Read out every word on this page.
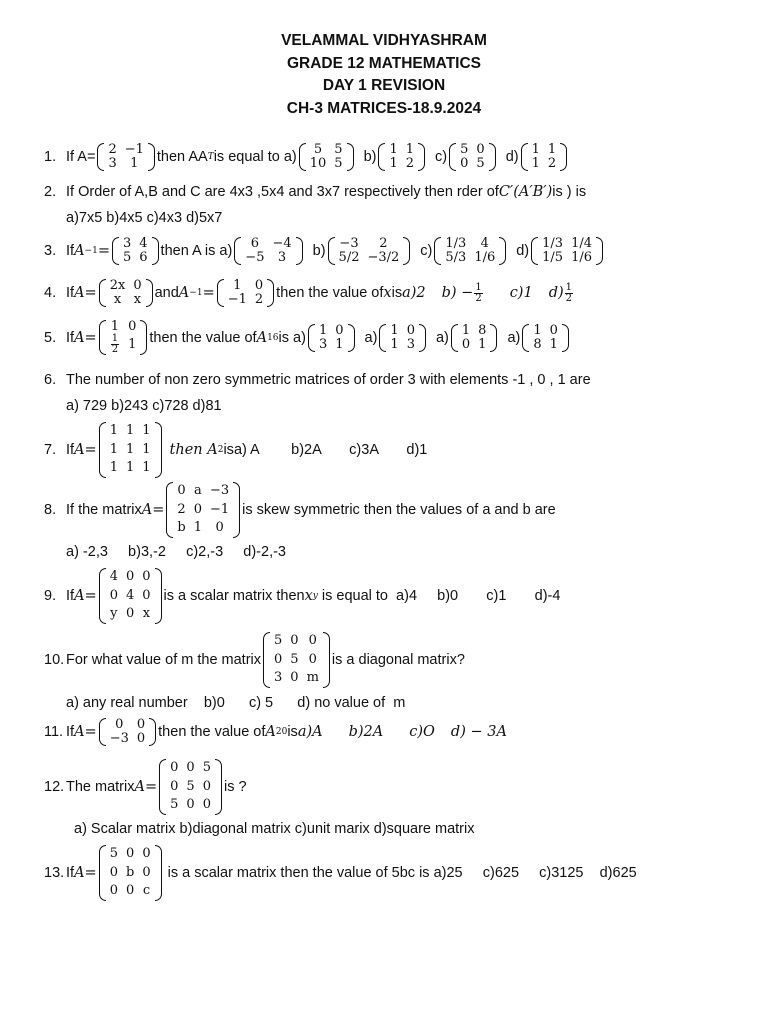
VELAMMAL VIDHYASHRAM
GRADE 12 MATHEMATICS
DAY 1 REVISION
CH-3 MATRICES-18.9.2024
1. If A= 2	−1
3	1 then AA T is equal to a) 5	5
10	5 b) 1	1
1	2 c) 5	0
0	5 d) 1	1
1	2
2. If Order of A,B and C are 4x3 ,5x4 and 3x7 respectively then rder of C′(A′B′) is ) is
a)7x5 b)4x5 c)4x3 d)5x7
3. If A −1 = 3	4
5	6 then A is a) 6	−4
−5	3 b) −3	2
5/2	−3/2 c) 1/3	4
5/3	1/6 d) 1/3	1/4
1/5	1/6
4. If A = 2x	0
x	x and A −1 = 1	0
−1	2 then the value of x is a)2 $b) - \frac{1}{2} c)1$ $d) \frac{1}{2}$
5. If A =
1	0

$\frac{1}{2}$	1 then the value of A 16 is a) 1	0
3	1 a) 1	0
1	3 a) 1	8
0	1 a) 1	0
8	1
6. The number of non zero symmetric matrices of order 3 with elements -1 , 0 , 1 are
a) 729 b)243 c)728 d)81
7. If A =
1	1	1
1	1	1
1	1	1
then A 2 is a) A        b)2A       c)3A       d)1
8. If the matrix A =
0	a	−3
2	0	−1
b	1	0
is skew symmetric then the values of a and b are
a) -2,3     b)3,-2     c)2,-3     d)-2,-3
9. If A =
4	0	0
0	4	0
y	0	x
is a scalar matrix then x y is equal to  a)4     b)0       c)1       d)-4
10. For what value of m the matrix
5	0	0
0	5	0
3	0	m
is a diagonal matrix?
a) any real number    b)0      c) 5      d) no value of  m
11. If A = 0	0
−3	0 then the value of A 20 is a)A b)2A c)O d) − 3A
12. The matrix A =
0	0	5
0	5	0
5	0	0
is ?
a) Scalar matrix b)diagonal matrix c)unit marix d)square matrix
13. If A =
5	0	0
0	b	0
0	0	c
is a scalar matrix then the value of 5bc is a)25     c)625     c)3125    d)625
